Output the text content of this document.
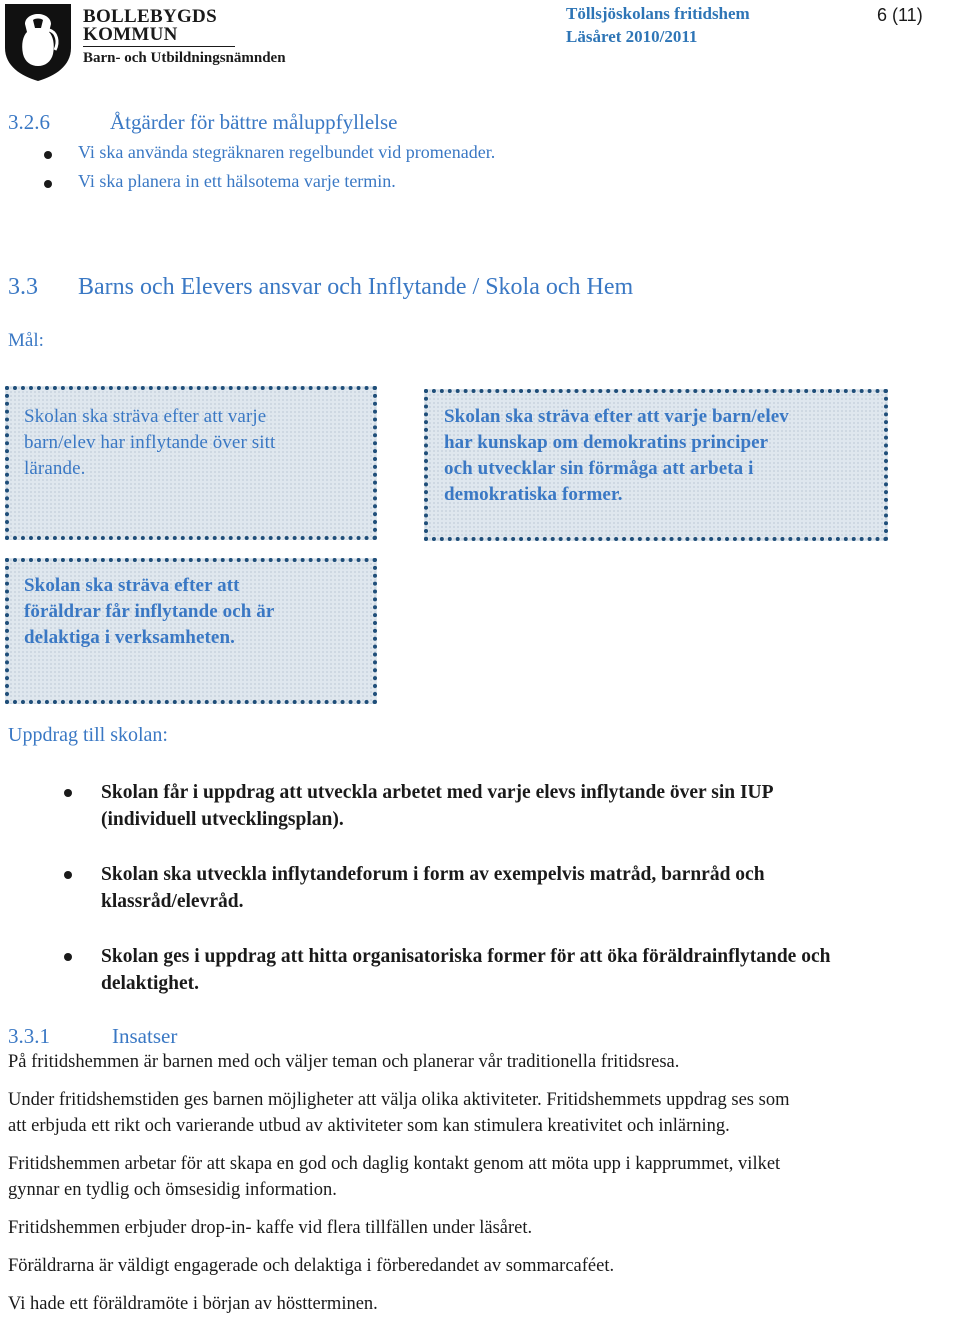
BOLLEBYGDS
KOMMUN
Barn- och Utbildningsnämnden
Töllsjöskolans fritidshem
Läsåret 2010/2011
6 (11)
3.2.6	Åtgärder för bättre måluppfyllelse
Vi ska använda stegräknaren regelbundet vid promenader.
Vi ska planera in ett hälsotema varje termin.
3.3 Barns och Elevers ansvar och Inflytande / Skola och Hem
Mål:
Skolan ska sträva efter att varje
barn/elev har inflytande över sitt
lärande.
Skolan ska sträva efter att varje barn/elev
har kunskap om demokratins principer
och utvecklar sin förmåga att arbeta i
demokratiska former.
Skolan ska sträva efter att
föräldrar får inflytande och är
delaktiga i verksamheten.
Uppdrag till skolan:
Skolan får i uppdrag att utveckla arbetet med varje elevs inflytande över sin IUP
(individuell utvecklingsplan).
Skolan ska utveckla inflytandeforum i form av exempelvis matråd, barnråd och
klassråd/elevråd.
Skolan ges i uppdrag att hitta organisatoriska former för att öka föräldrainflytande och
delaktighet.
3.3.1	Insatser
På fritidshemmen är barnen med och väljer teman och planerar vår traditionella fritidsresa.
Under fritidshemstiden ges barnen möjligheter att välja olika aktiviteter. Fritidshemmets uppdrag ses som
att erbjuda ett rikt och varierande utbud av aktiviteter som kan stimulera kreativitet och inlärning.
Fritidshemmen arbetar för att skapa en god och daglig kontakt genom att möta upp i kapprummet, vilket
gynnar en tydlig och ömsesidig information.
Fritidshemmen erbjuder drop-in- kaffe vid flera tillfällen under läsåret.
Föräldrarna är väldigt engagerade och delaktiga i förberedandet av sommarcaféet.
Vi hade ett föräldramöte i början av höstterminen.
